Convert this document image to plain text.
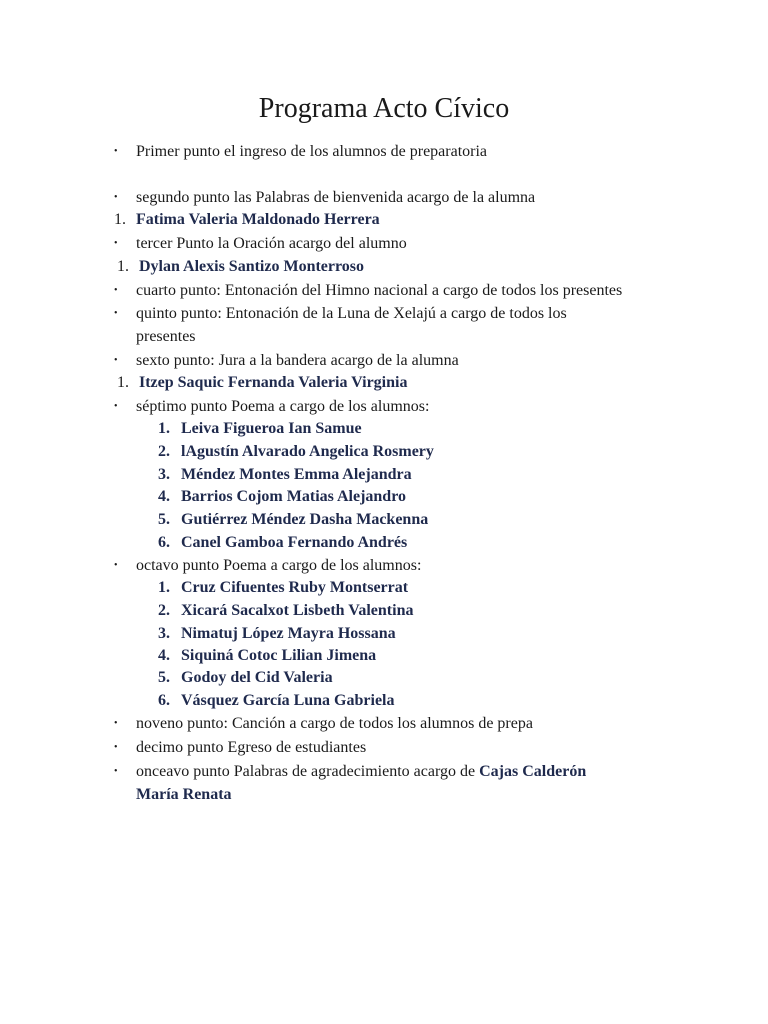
Programa Acto Cívico
• Primer punto el ingreso de los alumnos de preparatoria
• segundo punto las Palabras de bienvenida acargo de la alumna
1. Fatima Valeria Maldonado Herrera
• tercer Punto la Oración acargo del alumno
1. Dylan Alexis Santizo Monterroso
• cuarto punto: Entonación del Himno nacional a cargo de todos los presentes
• quinto punto: Entonación de la Luna de Xelajú a cargo de todos los
presentes
• sexto punto: Jura a la bandera acargo de la alumna
1. Itzep Saquic Fernanda Valeria Virginia
• séptimo punto Poema a cargo de los alumnos:
1. Leiva Figueroa Ian Samue
2. lAgustín Alvarado Angelica Rosmery
3. Méndez Montes Emma Alejandra
4. Barrios Cojom Matias Alejandro
5. Gutiérrez Méndez Dasha Mackenna
6. Canel Gamboa Fernando Andrés
• octavo punto Poema a cargo de los alumnos:
1. Cruz Cifuentes Ruby Montserrat
2. Xicará Sacalxot Lisbeth Valentina
3. Nimatuj López Mayra Hossana
4. Siquiná Cotoc Lilian Jimena
5. Godoy del Cid Valeria
6. Vásquez García Luna Gabriela
• noveno punto: Canción a cargo de todos los alumnos de prepa
• decimo punto Egreso de estudiantes
• onceavo punto Palabras de agradecimiento acargo de Cajas Calderón
María Renata
